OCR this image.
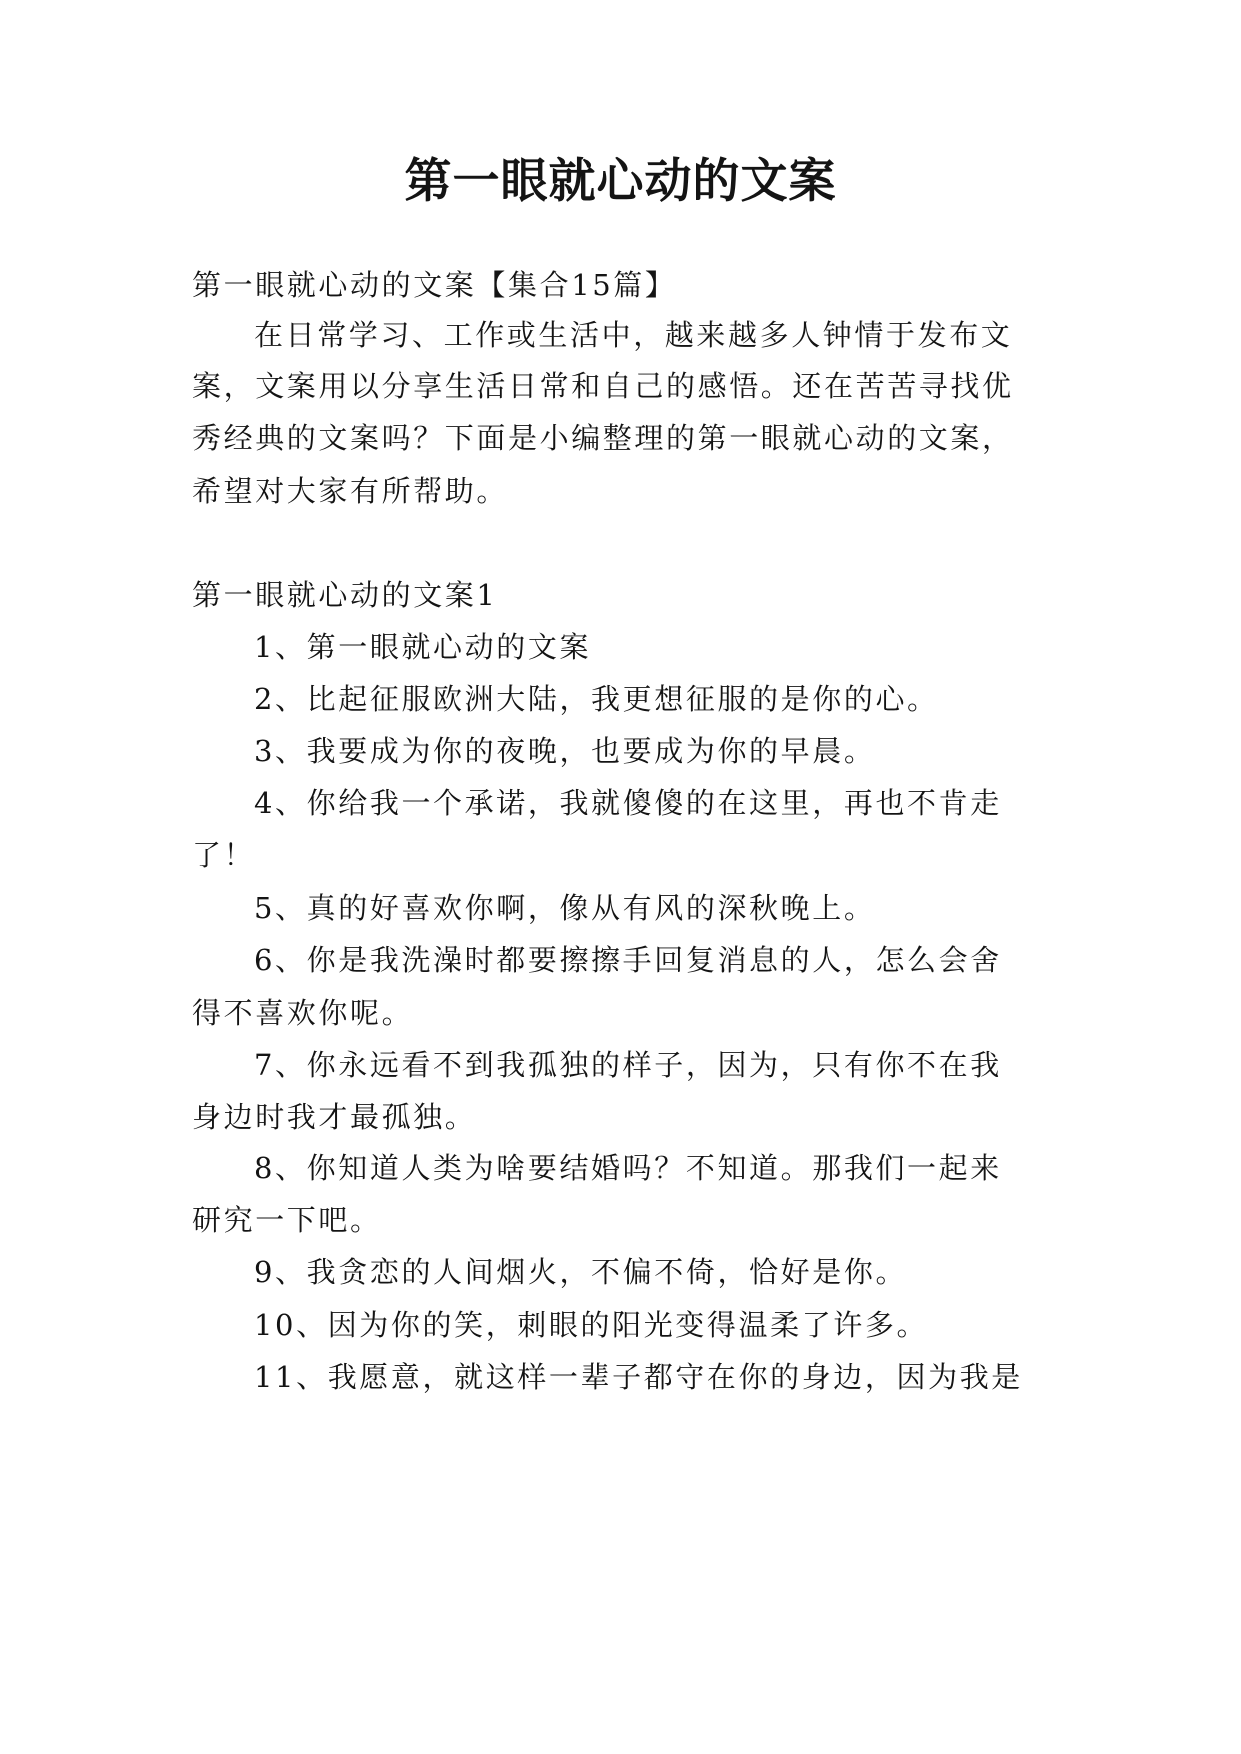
第一眼就心动的文案
第一眼就心动的文案【集合15篇】
在日常学习、工作或生活中，越来越多人钟情于发布文
案，文案用以分享生活日常和自己的感悟。还在苦苦寻找优
秀经典的文案吗？下面是小编整理的第一眼就心动的文案，
希望对大家有所帮助。
第一眼就心动的文案1
1、第一眼就心动的文案
2、比起征服欧洲大陆，我更想征服的是你的心。
3、我要成为你的夜晚，也要成为你的早晨。
4、你给我一个承诺，我就傻傻的在这里，再也不肯走
了！
5、真的好喜欢你啊，像从有风的深秋晚上。
6、你是我洗澡时都要擦擦手回复消息的人，怎么会舍
得不喜欢你呢。
7、你永远看不到我孤独的样子，因为，只有你不在我
身边时我才最孤独。
8、你知道人类为啥要结婚吗？不知道。那我们一起来
研究一下吧。
9、我贪恋的人间烟火，不偏不倚，恰好是你。
10、因为你的笑，刺眼的阳光变得温柔了许多。
11、我愿意，就这样一辈子都守在你的身边，因为我是
